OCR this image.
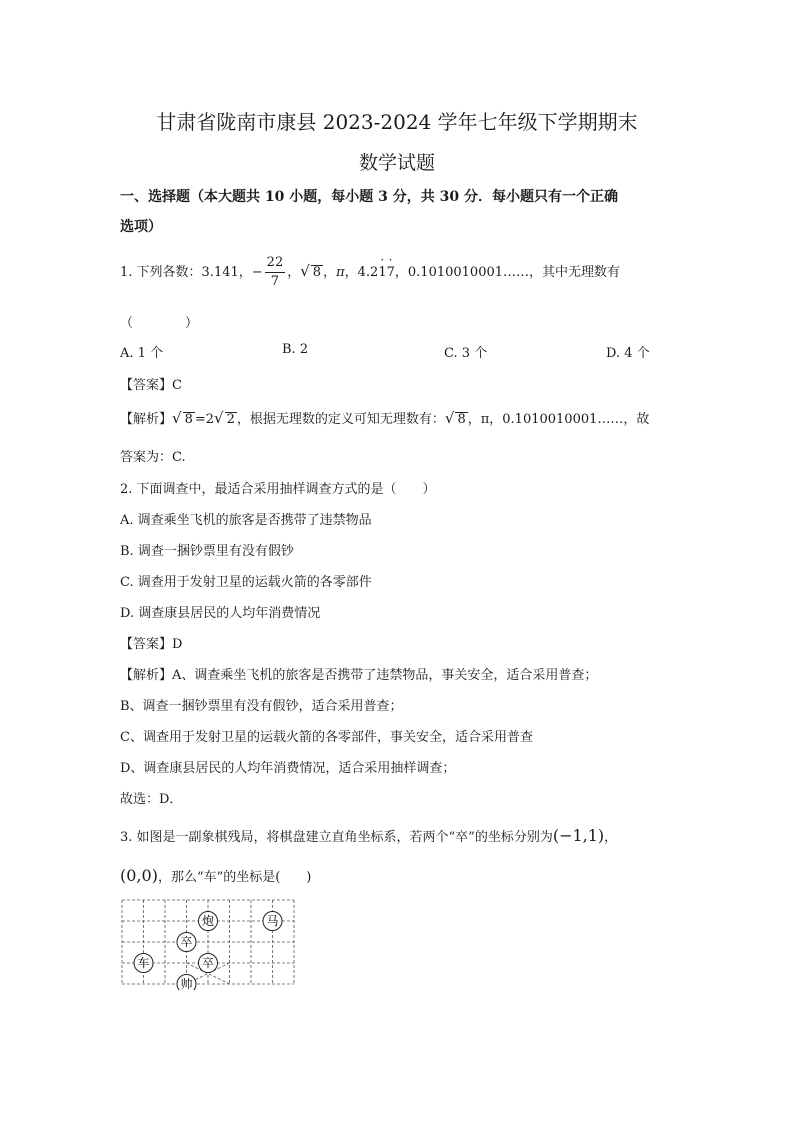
甘肃省陇南市康县 2023-2024 学年七年级下学期期末
数学试题
一、选择题（本大题共 10 小题，每小题 3 分，共 30 分．每小题只有一个正确
选项）
1. 下列各数：3.141，− $\frac{22}{7}$ ，√ 8 ，π，4.2· 1· 7，0.1010010001……，其中无理数有
（　　　　）
A. 1 个	B. 2	C. 3 个	D. 4 个
【答案】C
【解析】√ 8 =2√ 2 ，根据无理数的定义可知无理数有：√ 8 ，π，0.1010010001……，故
答案为：C.
2. 下面调查中，最适合采用抽样调查方式的是（　　）
A. 调查乘坐飞机的旅客是否携带了违禁物品
B. 调查一捆钞票里有没有假钞
C. 调查用于发射卫星的运载火箭的各零部件
D. 调查康县居民的人均年消费情况
【答案】D
【解析】A、调查乘坐飞机的旅客是否携带了违禁物品，事关安全，适合采用普查；
B、调查一捆钞票里有没有假钞，适合采用普查；
C、调查用于发射卫星的运载火箭的各零部件，事关安全，适合采用普查
D、调查康县居民的人均年消费情况，适合采用抽样调查；
故选：D．
3. 如图是一副象棋残局，将棋盘建立直角坐标系，若两个“卒”的坐标分别为(−1,1)，
(0,0)，那么“车”的坐标是(　　)
炮	马
卒
车	卒
帅
